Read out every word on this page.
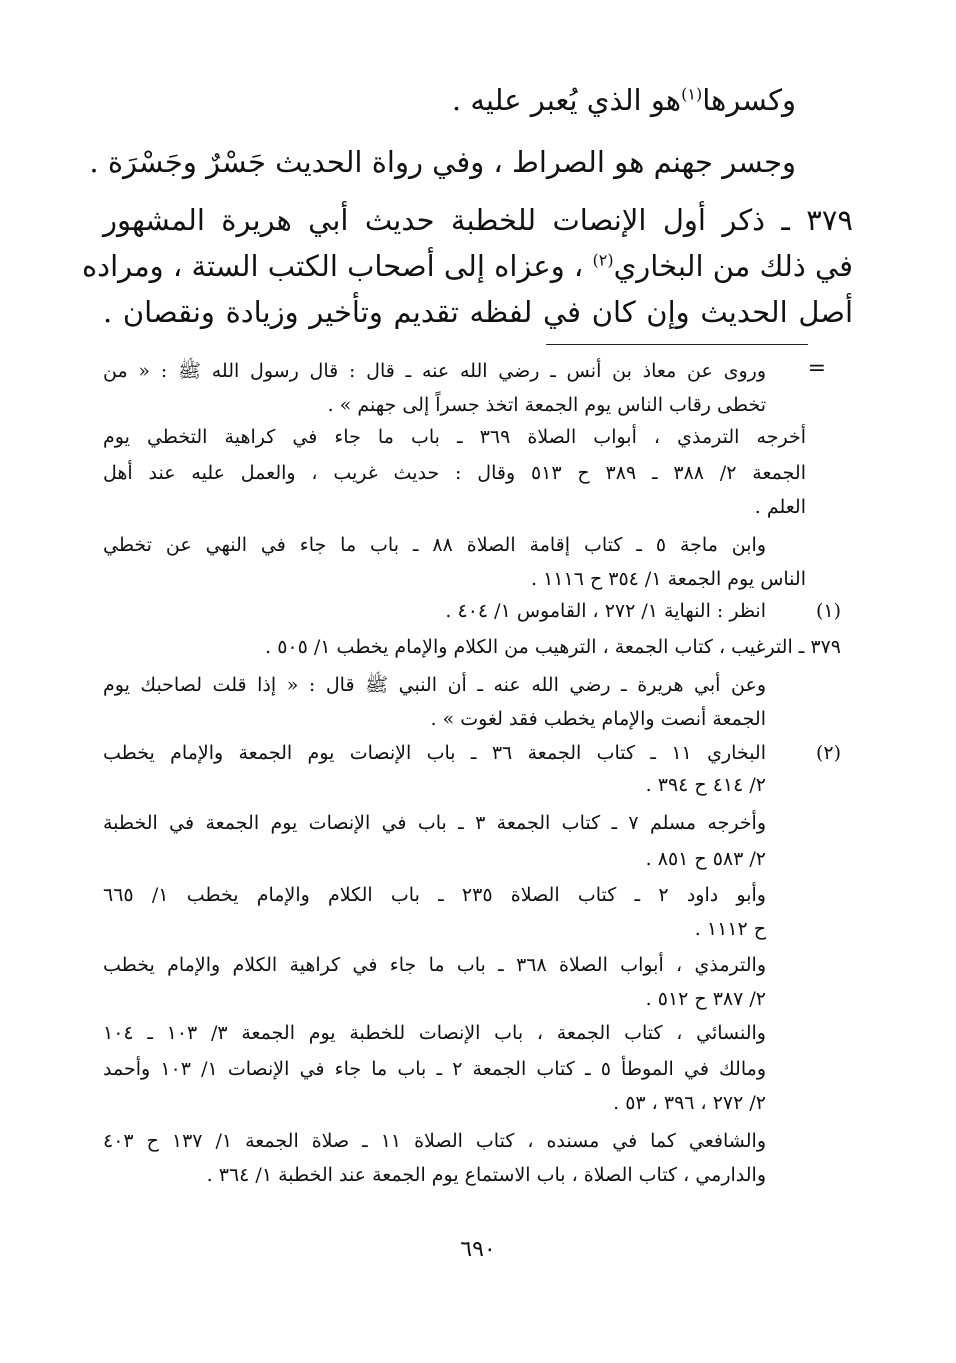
وكسرها$^{(١)}$هو الذي يُعبر عليه .
وجسر جهنم هو الصراط ، وفي رواة الحديث جَسْرٌ وجَسْرَة .
٣٧٩ ـ ذكر أول الإنصات للخطبة حديث أبي هريرة المشهور
في ذلك من البخاري$^{(٢)}$ ، وعزاه إلى أصحاب الكتب الستة ، ومراده
أصل الحديث وإن كان في لفظه تقديم وتأخير وزيادة ونقصان .
=
وروى عن معاذ بن أنس ـ رضي الله عنه ـ قال : قال رسول الله ﷺ : « من
تخطى رقاب الناس يوم الجمعة اتخذ جسراً إلى جهنم » .
أخرجه الترمذي ، أبواب الصلاة ٣٦٩ ـ باب ما جاء في كراهية التخطي يوم
الجمعة ٢/ ٣٨٨ ـ ٣٨٩ ح ٥١٣ وقال : حديث غريب ، والعمل عليه عند أهل
العلم .
وابن ماجة ٥ ـ كتاب إقامة الصلاة ٨٨ ـ باب ما جاء في النهي عن تخطي
الناس يوم الجمعة ١/ ٣٥٤ ح ١١١٦ .
(١)
انظر : النهاية ١/ ٢٧٢ ، القاموس ١/ ٤٠٤ .
٣٧٩ ـ الترغيب ، كتاب الجمعة ، الترهيب من الكلام والإمام يخطب ١/ ٥٠٥ .
وعن أبي هريرة ـ رضي الله عنه ـ أن النبي ﷺ قال : « إذا قلت لصاحبك يوم
الجمعة أنصت والإمام يخطب فقد لغوت » .
(٢)
البخاري ١١ ـ كتاب الجمعة ٣٦ ـ باب الإنصات يوم الجمعة والإمام يخطب
٢/ ٤١٤ ح ٣٩٤ .
وأخرجه مسلم ٧ ـ كتاب الجمعة ٣ ـ باب في الإنصات يوم الجمعة في الخطبة
٢/ ٥٨٣ ح ٨٥١ .
وأبو داود ٢ ـ كتاب الصلاة ٢٣٥ ـ باب الكلام والإمام يخطب ١/ ٦٦٥
ح ١١١٢ .
والترمذي ، أبواب الصلاة ٣٦٨ ـ باب ما جاء في كراهية الكلام والإمام يخطب
٢/ ٣٨٧ ح ٥١٢ .
والنسائي ، كتاب الجمعة ، باب الإنصات للخطبة يوم الجمعة ٣/ ١٠٣ ـ ١٠٤
ومالك في الموطأ ٥ ـ كتاب الجمعة ٢ ـ باب ما جاء في الإنصات ١/ ١٠٣ وأحمد
٢/ ٢٧٢ ، ٣٩٦ ، ٥٣ .
والشافعي كما في مسنده ، كتاب الصلاة ١١ ـ صلاة الجمعة ١/ ١٣٧ ح ٤٠٣
والدارمي ، كتاب الصلاة ، باب الاستماع يوم الجمعة عند الخطبة ١/ ٣٦٤ .
٦٩٠
